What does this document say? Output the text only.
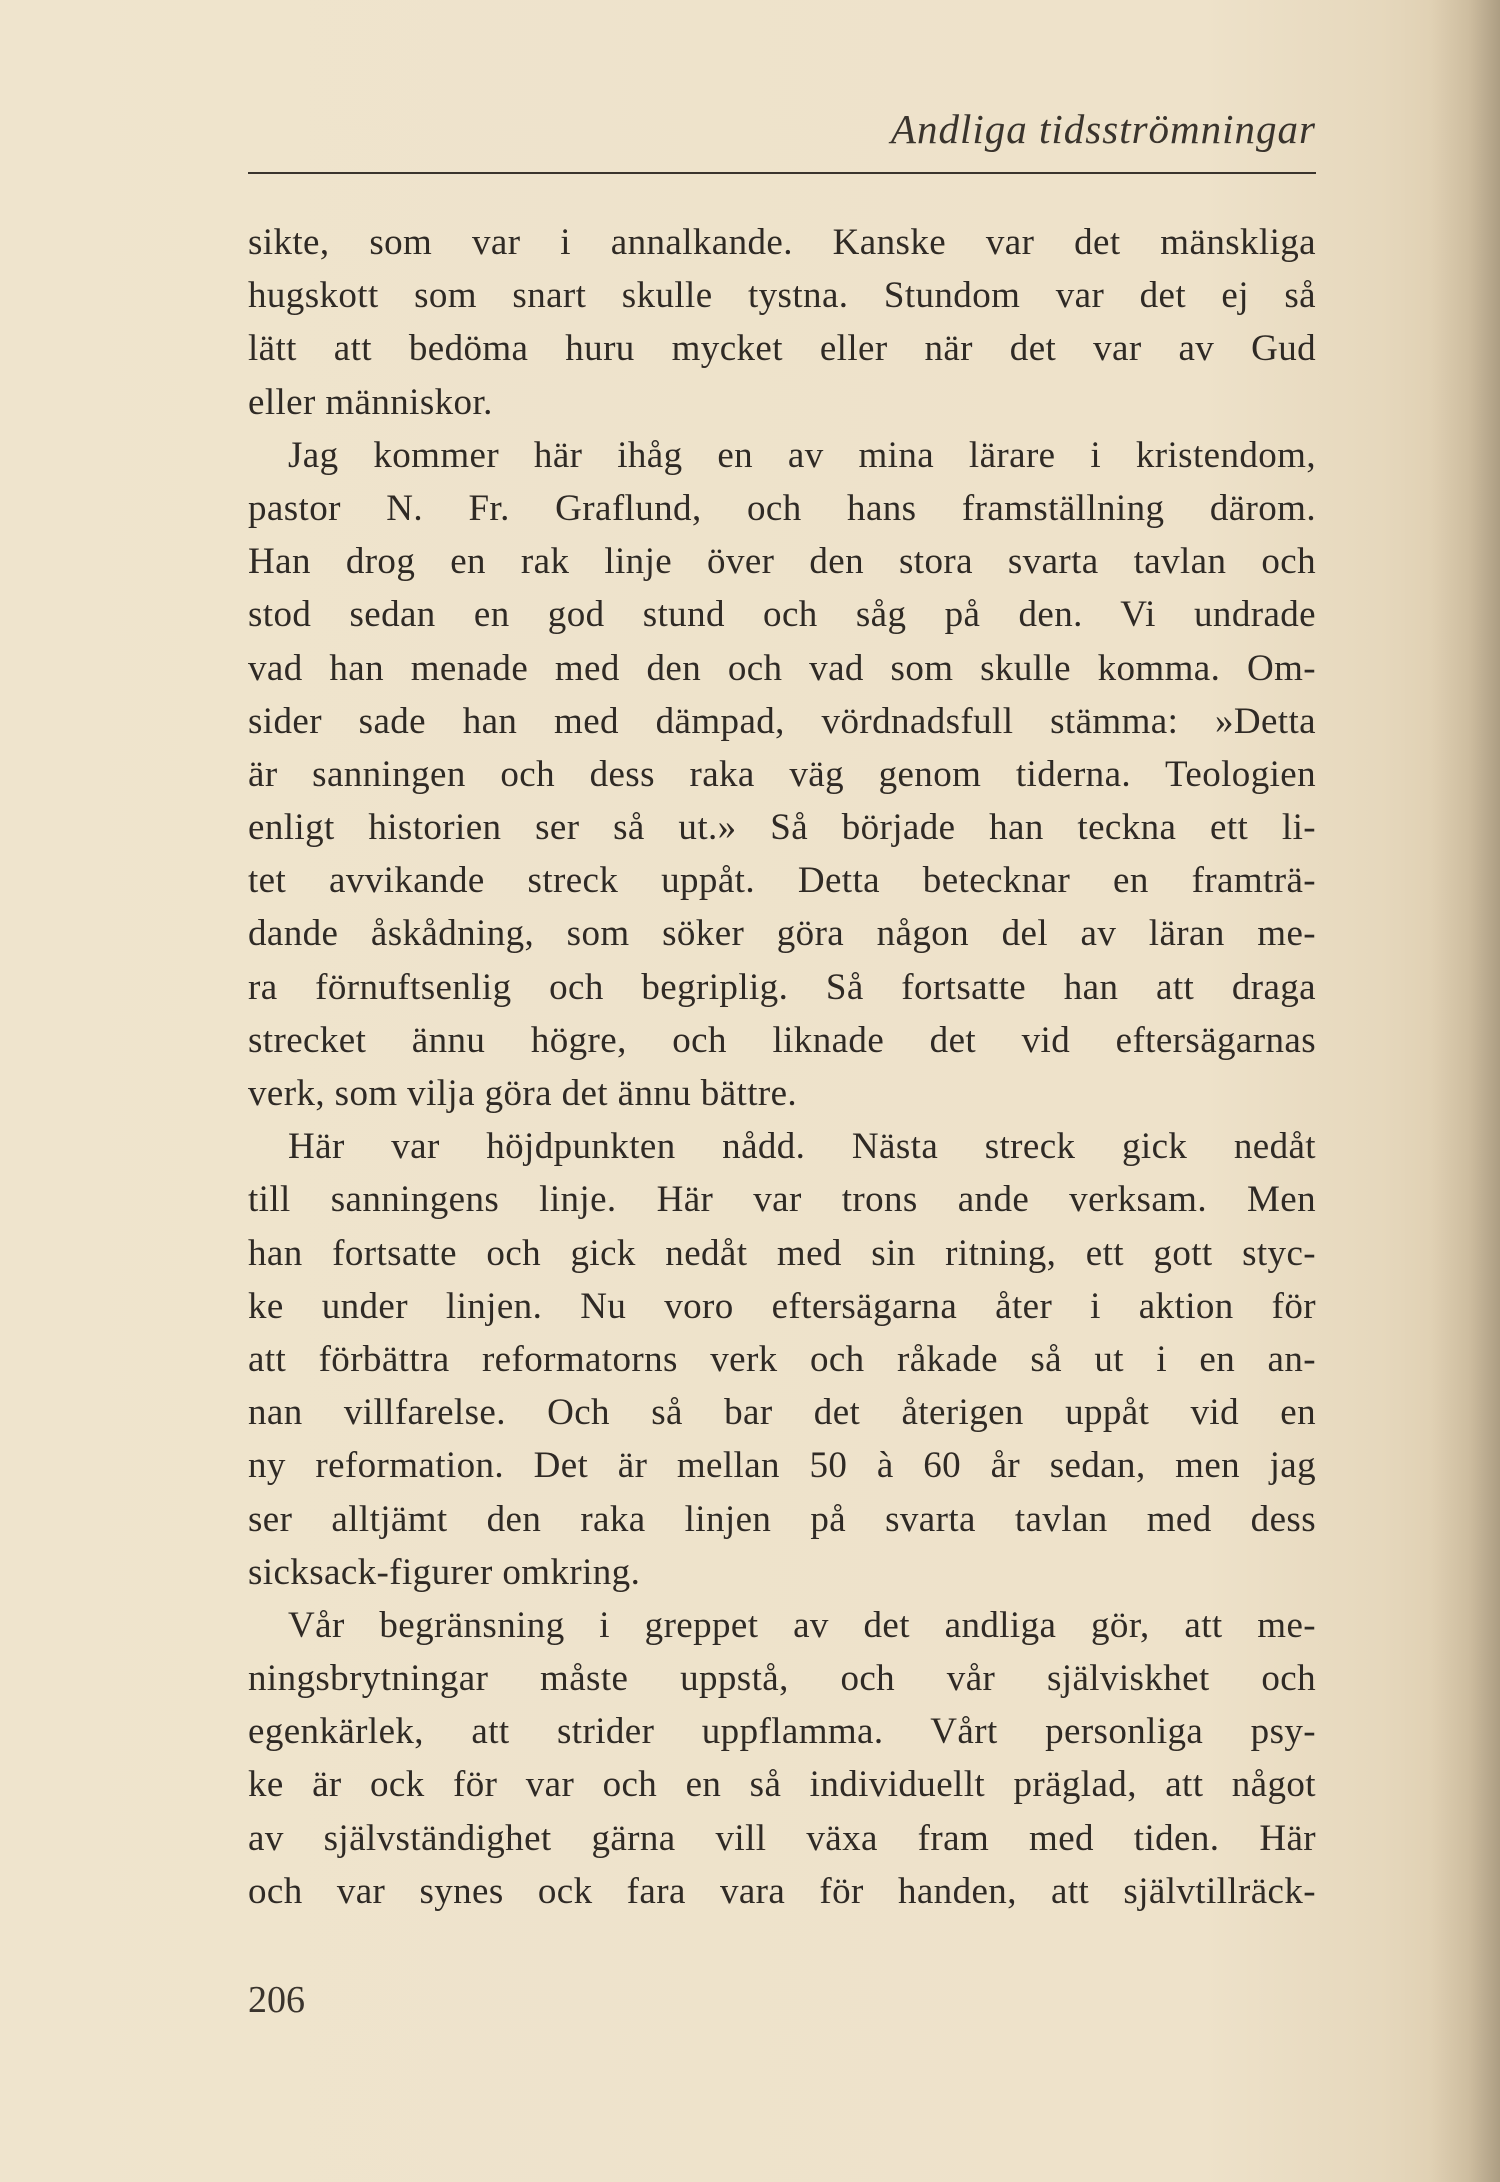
Andliga tidsströmningar
sikte, som var i annalkande. Kanske var det mänskliga
hugskott som snart skulle tystna. Stundom var det ej så
lätt att bedöma huru mycket eller när det var av Gud
eller människor.
Jag kommer här ihåg en av mina lärare i kristendom,
pastor N. Fr. Graflund, och hans framställning därom.
Han drog en rak linje över den stora svarta tavlan och
stod sedan en god stund och såg på den. Vi undrade
vad han menade med den och vad som skulle komma. Om-
sider sade han med dämpad, vördnadsfull stämma: »Detta
är sanningen och dess raka väg genom tiderna. Teologien
enligt historien ser så ut.» Så började han teckna ett li-
tet avvikande streck uppåt. Detta betecknar en framträ-
dande åskådning, som söker göra någon del av läran me-
ra förnuftsenlig och begriplig. Så fortsatte han att draga
strecket ännu högre, och liknade det vid eftersägarnas
verk, som vilja göra det ännu bättre.
Här var höjdpunkten nådd. Nästa streck gick nedåt
till sanningens linje. Här var trons ande verksam. Men
han fortsatte och gick nedåt med sin ritning, ett gott styc-
ke under linjen. Nu voro eftersägarna åter i aktion för
att förbättra reformatorns verk och råkade så ut i en an-
nan villfarelse. Och så bar det återigen uppåt vid en
ny reformation. Det är mellan 50 à 60 år sedan, men jag
ser alltjämt den raka linjen på svarta tavlan med dess
sicksack-figurer omkring.
Vår begränsning i greppet av det andliga gör, att me-
ningsbrytningar måste uppstå, och vår själviskhet och
egenkärlek, att strider uppflamma. Vårt personliga psy-
ke är ock för var och en så individuellt präglad, att något
av självständighet gärna vill växa fram med tiden. Här
och var synes ock fara vara för handen, att självtillräck-
206
